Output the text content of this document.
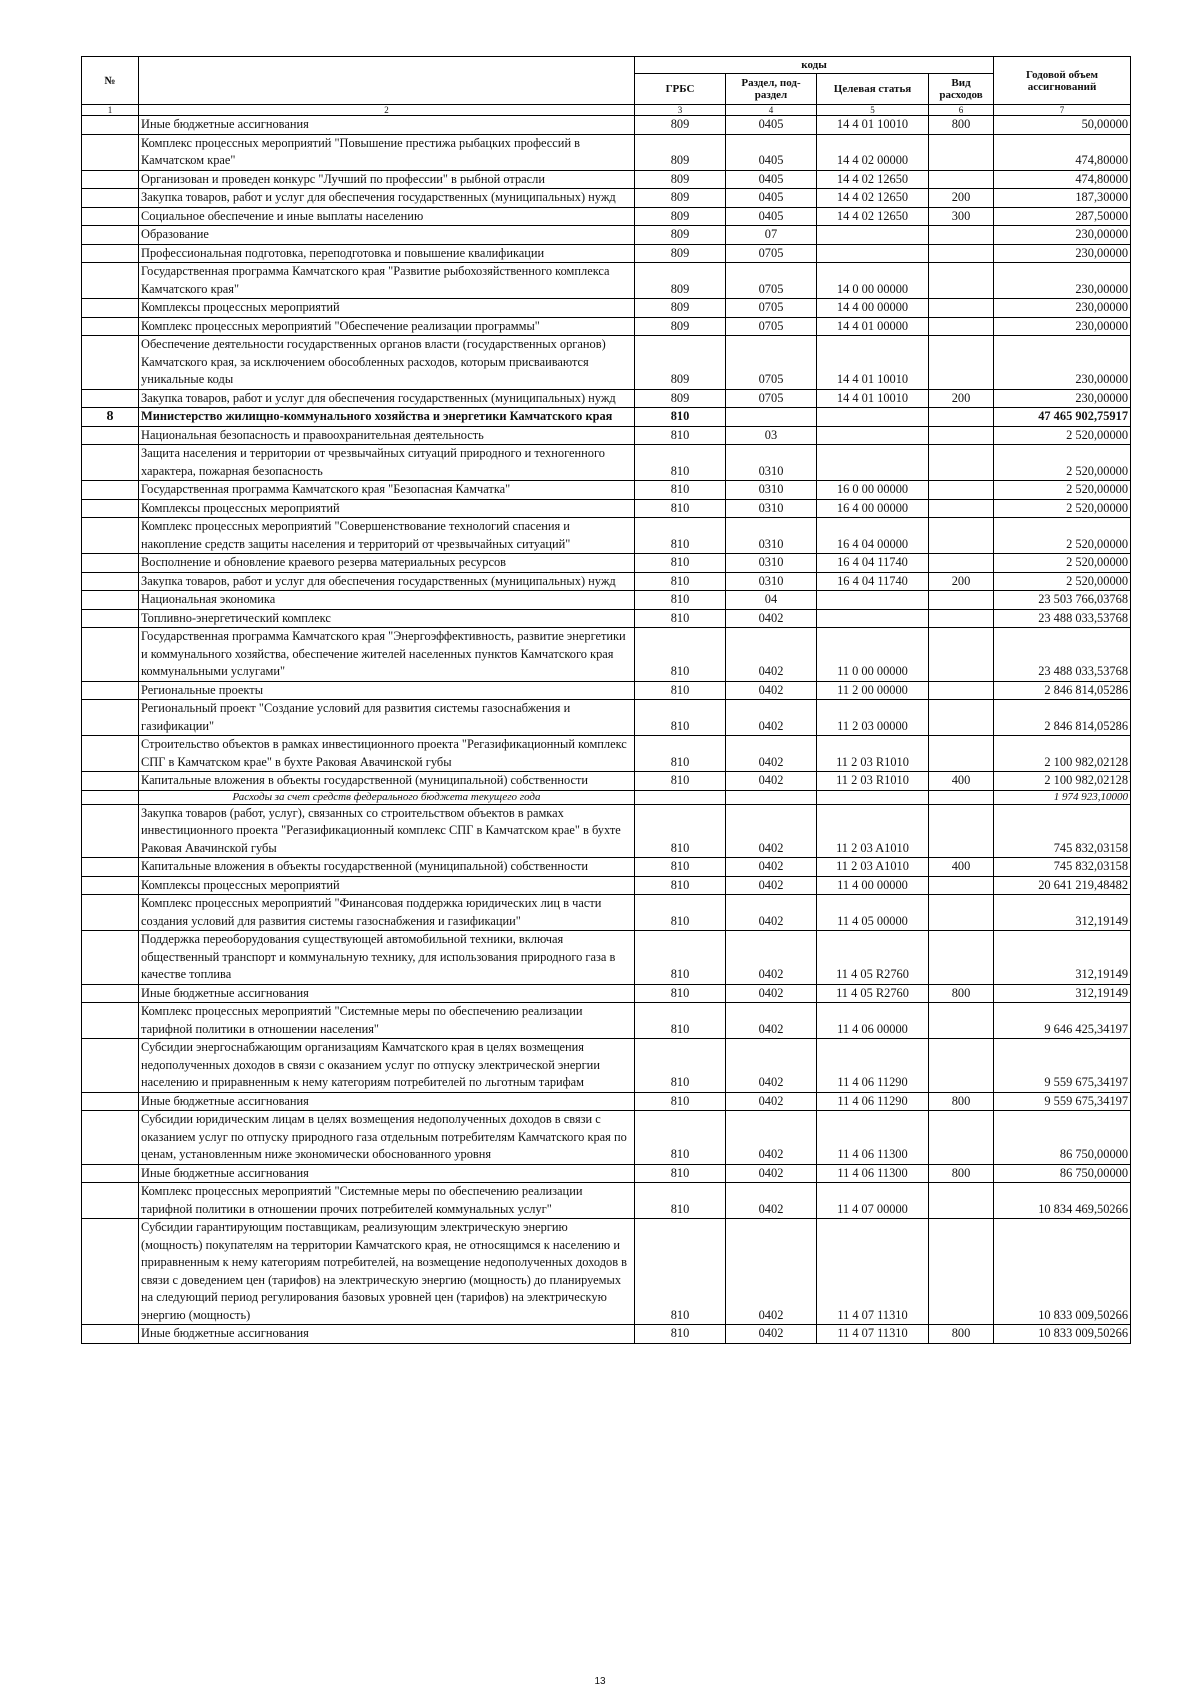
№		коды				Годовой объем ассигнований
		ГРБС	Раздел, под- раздел	Целевая статья	Вид расходов	
1	2	3	4	5	6	7
	Иные бюджетные ассигнования	809	0405	14 4 01 10010	800	50,00000
	Комплекс процессных мероприятий "Повышение престижа рыбацких профессий в Камчатском крае"	809	0405	14 4 02 00000		474,80000
	Организован и проведен конкурс "Лучший по профессии" в рыбной отрасли	809	0405	14 4 02 12650		474,80000
	Закупка товаров, работ и услуг для обеспечения государственных (муниципальных) нужд	809	0405	14 4 02 12650	200	187,30000
	Социальное обеспечение и иные выплаты населению	809	0405	14 4 02 12650	300	287,50000
	Образование	809	07			230,00000
	Профессиональная подготовка, переподготовка и повышение квалификации	809	0705			230,00000
	Государственная программа Камчатского края "Развитие рыбохозяйственного комплекса Камчатского края"	809	0705	14 0 00 00000		230,00000
	Комплексы процессных мероприятий	809	0705	14 4 00 00000		230,00000
	Комплекс процессных мероприятий "Обеспечение реализации программы"	809	0705	14 4 01 00000		230,00000
	Обеспечение деятельности государственных органов власти (государственных органов) Камчатского края, за исключением обособленных расходов, которым присваиваются уникальные коды	809	0705	14 4 01 10010		230,00000
	Закупка товаров, работ и услуг для обеспечения государственных (муниципальных) нужд	809	0705	14 4 01 10010	200	230,00000
8	Министерство жилищно-коммунального хозяйства и энергетики Камчатского края	810				47 465 902,75917
	Национальная безопасность и правоохранительная деятельность	810	03			2 520,00000
	Защита населения и территории от чрезвычайных ситуаций природного и техногенного характера, пожарная безопасность	810	0310			2 520,00000
	Государственная программа Камчатского края "Безопасная Камчатка"	810	0310	16 0 00 00000		2 520,00000
	Комплексы процессных мероприятий	810	0310	16 4 00 00000		2 520,00000
	Комплекс процессных мероприятий "Совершенствование технологий спасения и накопление средств защиты населения и территорий от чрезвычайных ситуаций"	810	0310	16 4 04 00000		2 520,00000
	Восполнение и обновление краевого резерва материальных ресурсов	810	0310	16 4 04 11740		2 520,00000
	Закупка товаров, работ и услуг для обеспечения государственных (муниципальных) нужд	810	0310	16 4 04 11740	200	2 520,00000
	Национальная экономика	810	04			23 503 766,03768
	Топливно-энергетический комплекс	810	0402			23 488 033,53768
	Государственная программа Камчатского края "Энергоэффективность, развитие энергетики и коммунального хозяйства, обеспечение жителей населенных пунктов Камчатского края коммунальными услугами"	810	0402	11 0 00 00000		23 488 033,53768
	Региональные проекты	810	0402	11 2 00 00000		2 846 814,05286
	Региональный проект "Создание условий для развития системы газоснабжения и газификации"	810	0402	11 2 03 00000		2 846 814,05286
	Строительство объектов в рамках инвестиционного проекта "Регазификационный комплекс СПГ в Камчатском крае" в бухте Раковая Авачинской губы	810	0402	11 2 03 R1010		2 100 982,02128
	Капитальные вложения в объекты государственной (муниципальной) собственности	810	0402	11 2 03 R1010	400	2 100 982,02128
	Расходы за счет средств федерального бюджета текущего года					1 974 923,10000
	Закупка товаров (работ, услуг), связанных со строительством объектов в рамках инвестиционного проекта "Регазификационный комплекс СПГ в Камчатском крае" в бухте Раковая Авачинской губы	810	0402	11 2 03 A1010		745 832,03158
	Капитальные вложения в объекты государственной (муниципальной) собственности	810	0402	11 2 03 A1010	400	745 832,03158
	Комплексы процессных мероприятий	810	0402	11 4 00 00000		20 641 219,48482
	Комплекс процессных мероприятий "Финансовая поддержка юридических лиц в части создания условий для развития системы газоснабжения и газификации"	810	0402	11 4 05 00000		312,19149
	Поддержка переоборудования существующей автомобильной техники, включая общественный транспорт и коммунальную технику, для использования природного газа в качестве топлива	810	0402	11 4 05 R2760		312,19149
	Иные бюджетные ассигнования	810	0402	11 4 05 R2760	800	312,19149
	Комплекс процессных мероприятий "Системные меры по обеспечению реализации тарифной политики в отношении населения"	810	0402	11 4 06 00000		9 646 425,34197
	Субсидии энергоснабжающим организациям Камчатского края в целях возмещения недополученных доходов в связи с оказанием услуг по отпуску электрической энергии населению и приравненным к нему категориям потребителей по льготным тарифам	810	0402	11 4 06 11290		9 559 675,34197
	Иные бюджетные ассигнования	810	0402	11 4 06 11290	800	9 559 675,34197
	Субсидии юридическим лицам в целях возмещения недополученных доходов в связи с оказанием услуг по отпуску природного газа отдельным потребителям Камчатского края по ценам, установленным ниже экономически обоснованного уровня	810	0402	11 4 06 11300		86 750,00000
	Иные бюджетные ассигнования	810	0402	11 4 06 11300	800	86 750,00000
	Комплекс процессных мероприятий "Системные меры по обеспечению реализации тарифной политики в отношении прочих потребителей коммунальных услуг"	810	0402	11 4 07 00000		10 834 469,50266
	Субсидии гарантирующим поставщикам, реализующим электрическую энергию (мощность) покупателям на территории Камчатского края, не относящимся к населению и приравненным к нему категориям потребителей, на возмещение недополученных доходов в связи с доведением цен (тарифов) на электрическую энергию (мощность) до планируемых на следующий период регулирования базовых уровней цен (тарифов) на электрическую энергию (мощность)	810	0402	11 4 07 11310		10 833 009,50266
	Иные бюджетные ассигнования	810	0402	11 4 07 11310	800	10 833 009,50266
13
